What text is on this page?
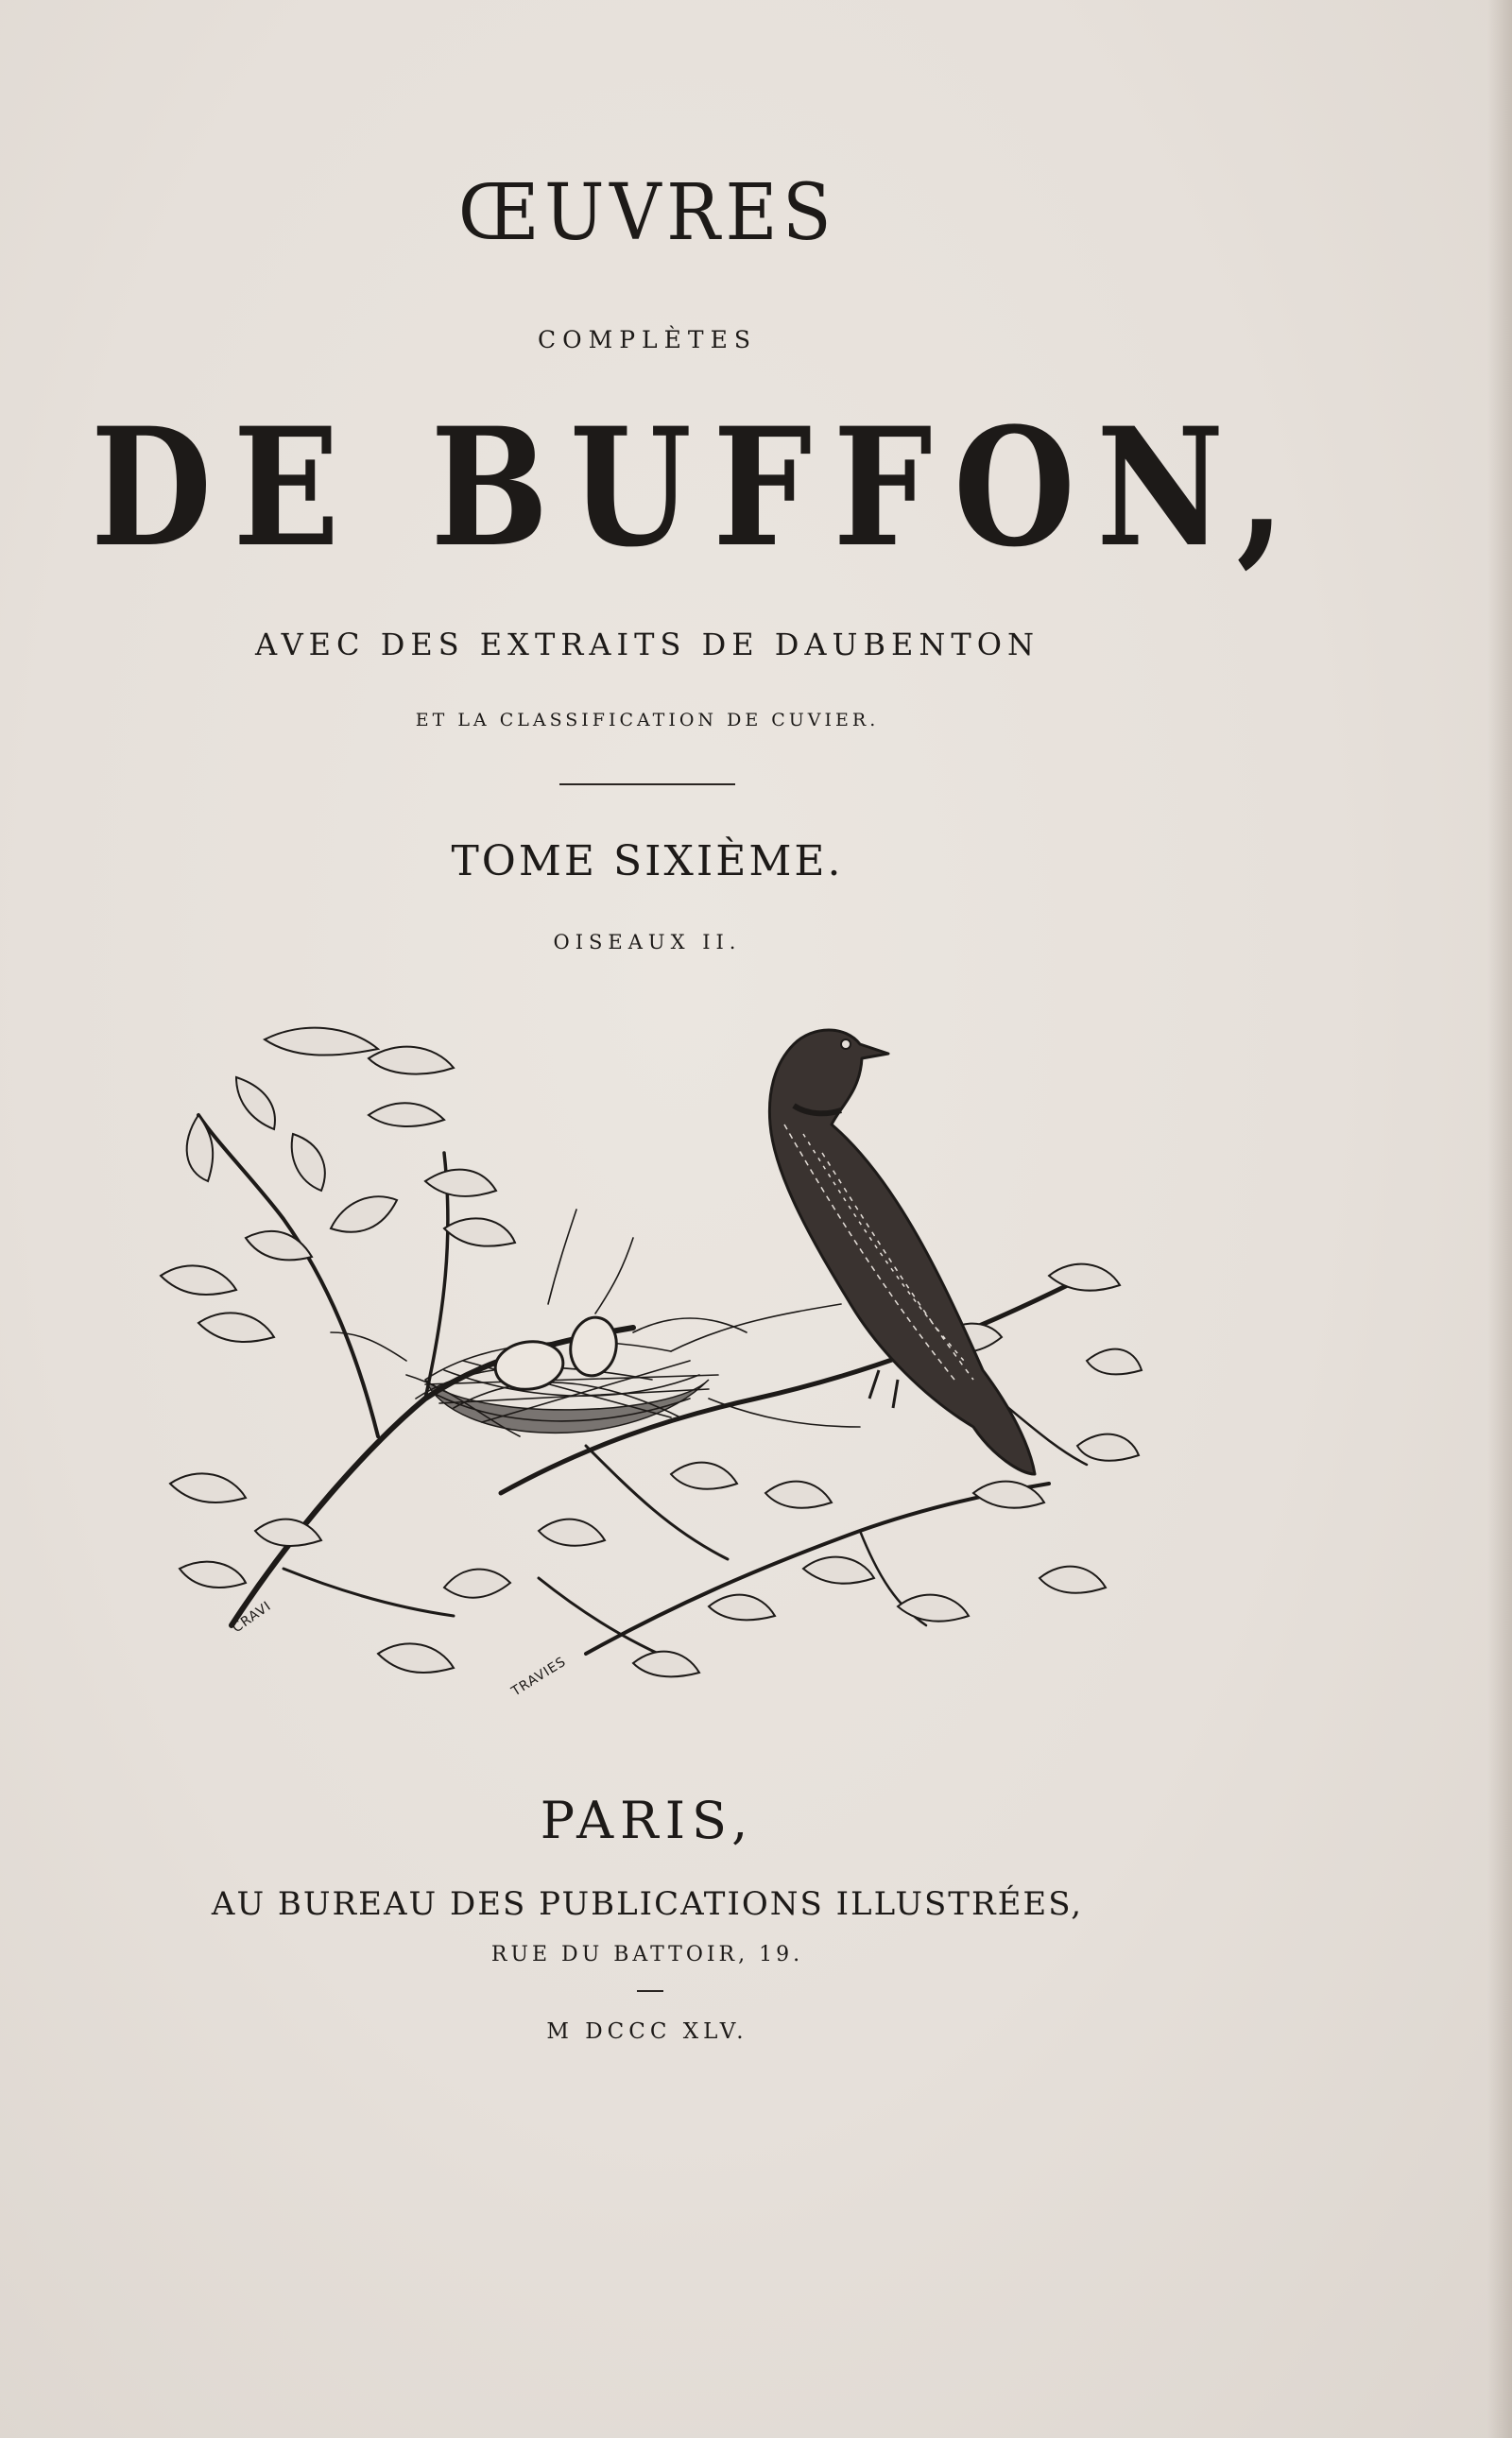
ŒUVRES
COMPLÈTES
DE BUFFON,
AVEC DES EXTRAITS DE DAUBENTON
ET LA CLASSIFICATION DE CUVIER.
TOME SIXIÈME.
OISEAUX II.
CRAVI
TRAVIES
PARIS,
AU BUREAU DES PUBLICATIONS ILLUSTRÉES,
RUE DU BATTOIR, 19.
M DCCC XLV.
